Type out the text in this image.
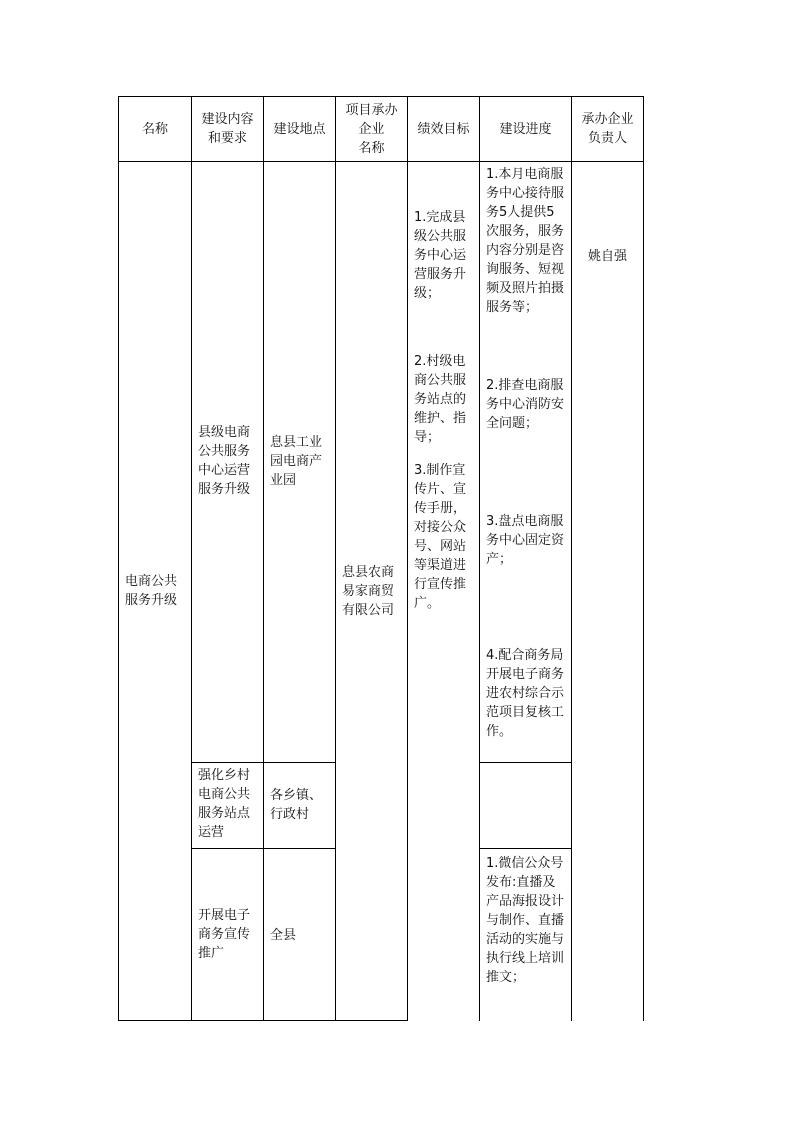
名称
建设内容
和要求
建设地点
项目承办
企业
名称
绩效目标 建设进度
承办企业
负责人

电商公共服务升级

县级电商公共服务中心运营服务升级

息县工业园电商产业园

强化乡村电商公共服务站点运营

各乡镇、行政村

开展电子商务宣传推广

全县

息县农商易家商贸有限公司

1.完成县级公共服务中心运营服务升级；

2.村级电商公共服务站点的维护、指导；

3.制作宣传片、宣传手册，对接公众号、网站等渠道进行宣传推广。

1.本月电商服务中心接待服务5人提供5次服务，服务内容分别是咨询服务、短视频及照片拍摄服务等；

2.排查电商服务中心消防安全问题；

3.盘点电商服务中心固定资产；

4.配合商务局开展电子商务进农村综合示范项目复核工作。

1.微信公众号发布:直播及产品海报设计与制作、直播活动的实施与执行线上培训推文；

姚自强
